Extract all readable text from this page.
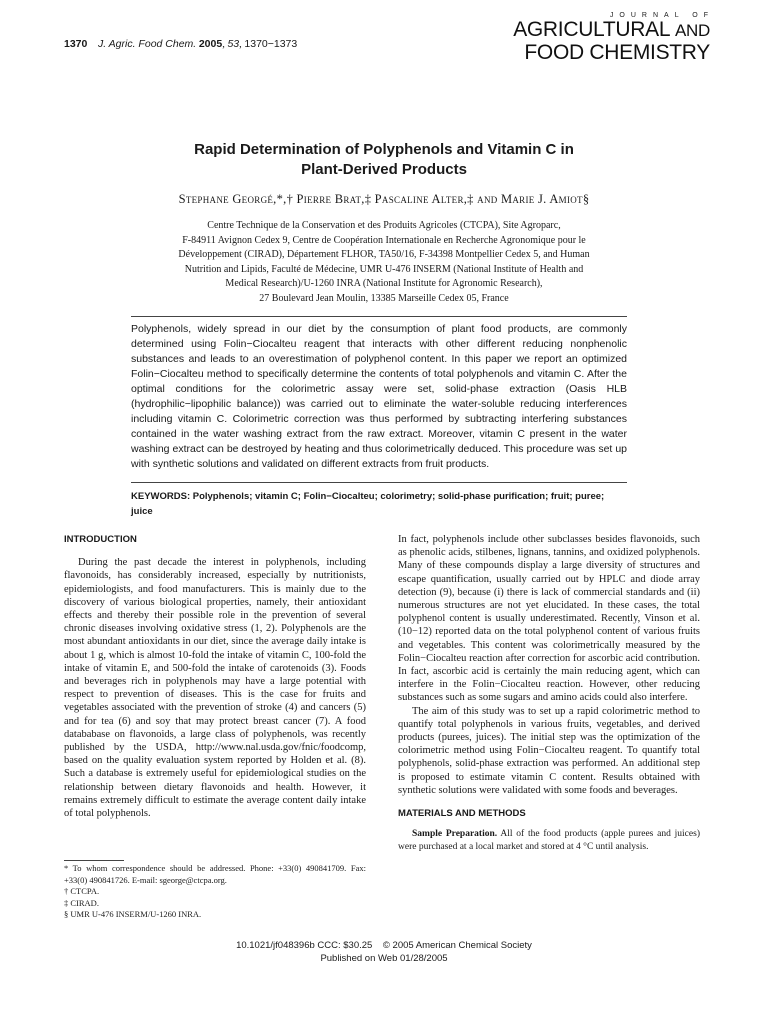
1370 J. Agric. Food Chem. 2005, 53, 1370−1373
JOURNAL OF
AGRICULTURAL AND
FOOD CHEMISTRY
Rapid Determination of Polyphenols and Vitamin C in
Plant-Derived Products
Stephane Georgé,*,† Pierre Brat,‡ Pascaline Alter,‡ and Marie J. Amiot§
Centre Technique de la Conservation et des Produits Agricoles (CTCPA), Site Agroparc,
F-84911 Avignon Cedex 9, Centre de Coopération Internationale en Recherche Agronomique pour le
Développement (CIRAD), Département FLHOR, TA50/16, F-34398 Montpellier Cedex 5, and Human
Nutrition and Lipids, Faculté de Médecine, UMR U-476 INSERM (National Institute of Health and
Medical Research)/U-1260 INRA (National Institute for Agronomic Research),
27 Boulevard Jean Moulin, 13385 Marseille Cedex 05, France
Polyphenols, widely spread in our diet by the consumption of plant food products, are commonly determined using Folin−Ciocalteu reagent that interacts with other different reducing nonphenolic substances and leads to an overestimation of polyphenol content. In this paper we report an optimized Folin−Ciocalteu method to specifically determine the contents of total polyphenols and vitamin C. After the optimal conditions for the colorimetric assay were set, solid-phase extraction (Oasis HLB (hydrophilic−lipophilic balance)) was carried out to eliminate the water-soluble reducing interferences including vitamin C. Colorimetric correction was thus performed by subtracting interfering substances contained in the water washing extract from the raw extract. Moreover, vitamin C present in the water washing extract can be destroyed by heating and thus colorimetrically deduced. This procedure was set up with synthetic solutions and validated on different extracts from fruit products.
KEYWORDS: Polyphenols; vitamin C; Folin−Ciocalteu; colorimetry; solid-phase purification; fruit; puree; juice
INTRODUCTION

During the past decade the interest in polyphenols, including flavonoids, has considerably increased, especially by nutritionists, epidemiologists, and food manufacturers. This is mainly due to the discovery of various biological properties, namely, their antioxidant effects and thereby their possible role in the prevention of several chronic diseases involving oxidative stress (1, 2). Polyphenols are the most abundant antioxidants in our diet, since the average daily intake is about 1 g, which is almost 10-fold the intake of vitamin C, 100-fold the intake of vitamin E, and 500-fold the intake of carotenoids (3). Foods and beverages rich in polyphenols may have a large potential with respect to prevention of diseases. This is the case for fruits and vegetables associated with the prevention of stroke (4) and cancers (5) and for tea (6) and soy that may protect breast cancer (7). A food datababase on flavonoids, a large class of polyphenols, was recently published by the USDA, http://www.nal.usda.gov/fnic/foodcomp, based on the quality evaluation system reported by Holden et al. (8). Such a database is extremely useful for epidemiological studies on the relationship between dietary flavonoids and health. However, it remains extremely difficult to estimate the average content daily intake of total polyphenols.

In fact, polyphenols include other subclasses besides flavonoids, such as phenolic acids, stilbenes, lignans, tannins, and oxidized polyphenols. Many of these compounds display a large diversity of structures and escape quantification, usually carried out by HPLC and diode array detection (9), because (i) there is lack of commercial standards and (ii) numerous structures are not yet elucidated. In these cases, the total polyphenol content is usually underestimated. Recently, Vinson et al. (10−12) reported data on the total polyphenol content of various fruits and vegetables. This content was colorimetrically measured by the Folin−Ciocalteu reaction after correction for ascorbic acid contribution. In fact, ascorbic acid is certainly the main reducing agent, which can interfere in the Folin−Ciocalteu reaction. However, other reducing substances such as some sugars and amino acids could also interfere.

The aim of this study was to set up a rapid colorimetric method to quantify total polyphenols in various fruits, vegetables, and derived products (purees, juices). The initial step was the optimization of the colorimetric method using Folin−Ciocalteu reagent. To quantify total polyphenols, solid-phase extraction was performed. An additional step is proposed to estimate vitamin C content. Results obtained with synthetic solutions were validated with some foods and beverages.

MATERIALS AND METHODS

Sample Preparation. All of the food products (apple purees and juices) were purchased at a local market and stored at 4 °C until analysis.

* To whom correspondence should be addressed. Phone: +33(0) 490841709. Fax: +33(0) 490841726. E-mail: sgeorge@ctcpa.org.
† CTCPA.
‡ CIRAD.
§ UMR U-476 INSERM/U-1260 INRA.
10.1021/jf048396b CCC: $30.25    © 2005 American Chemical Society
Published on Web 01/28/2005
